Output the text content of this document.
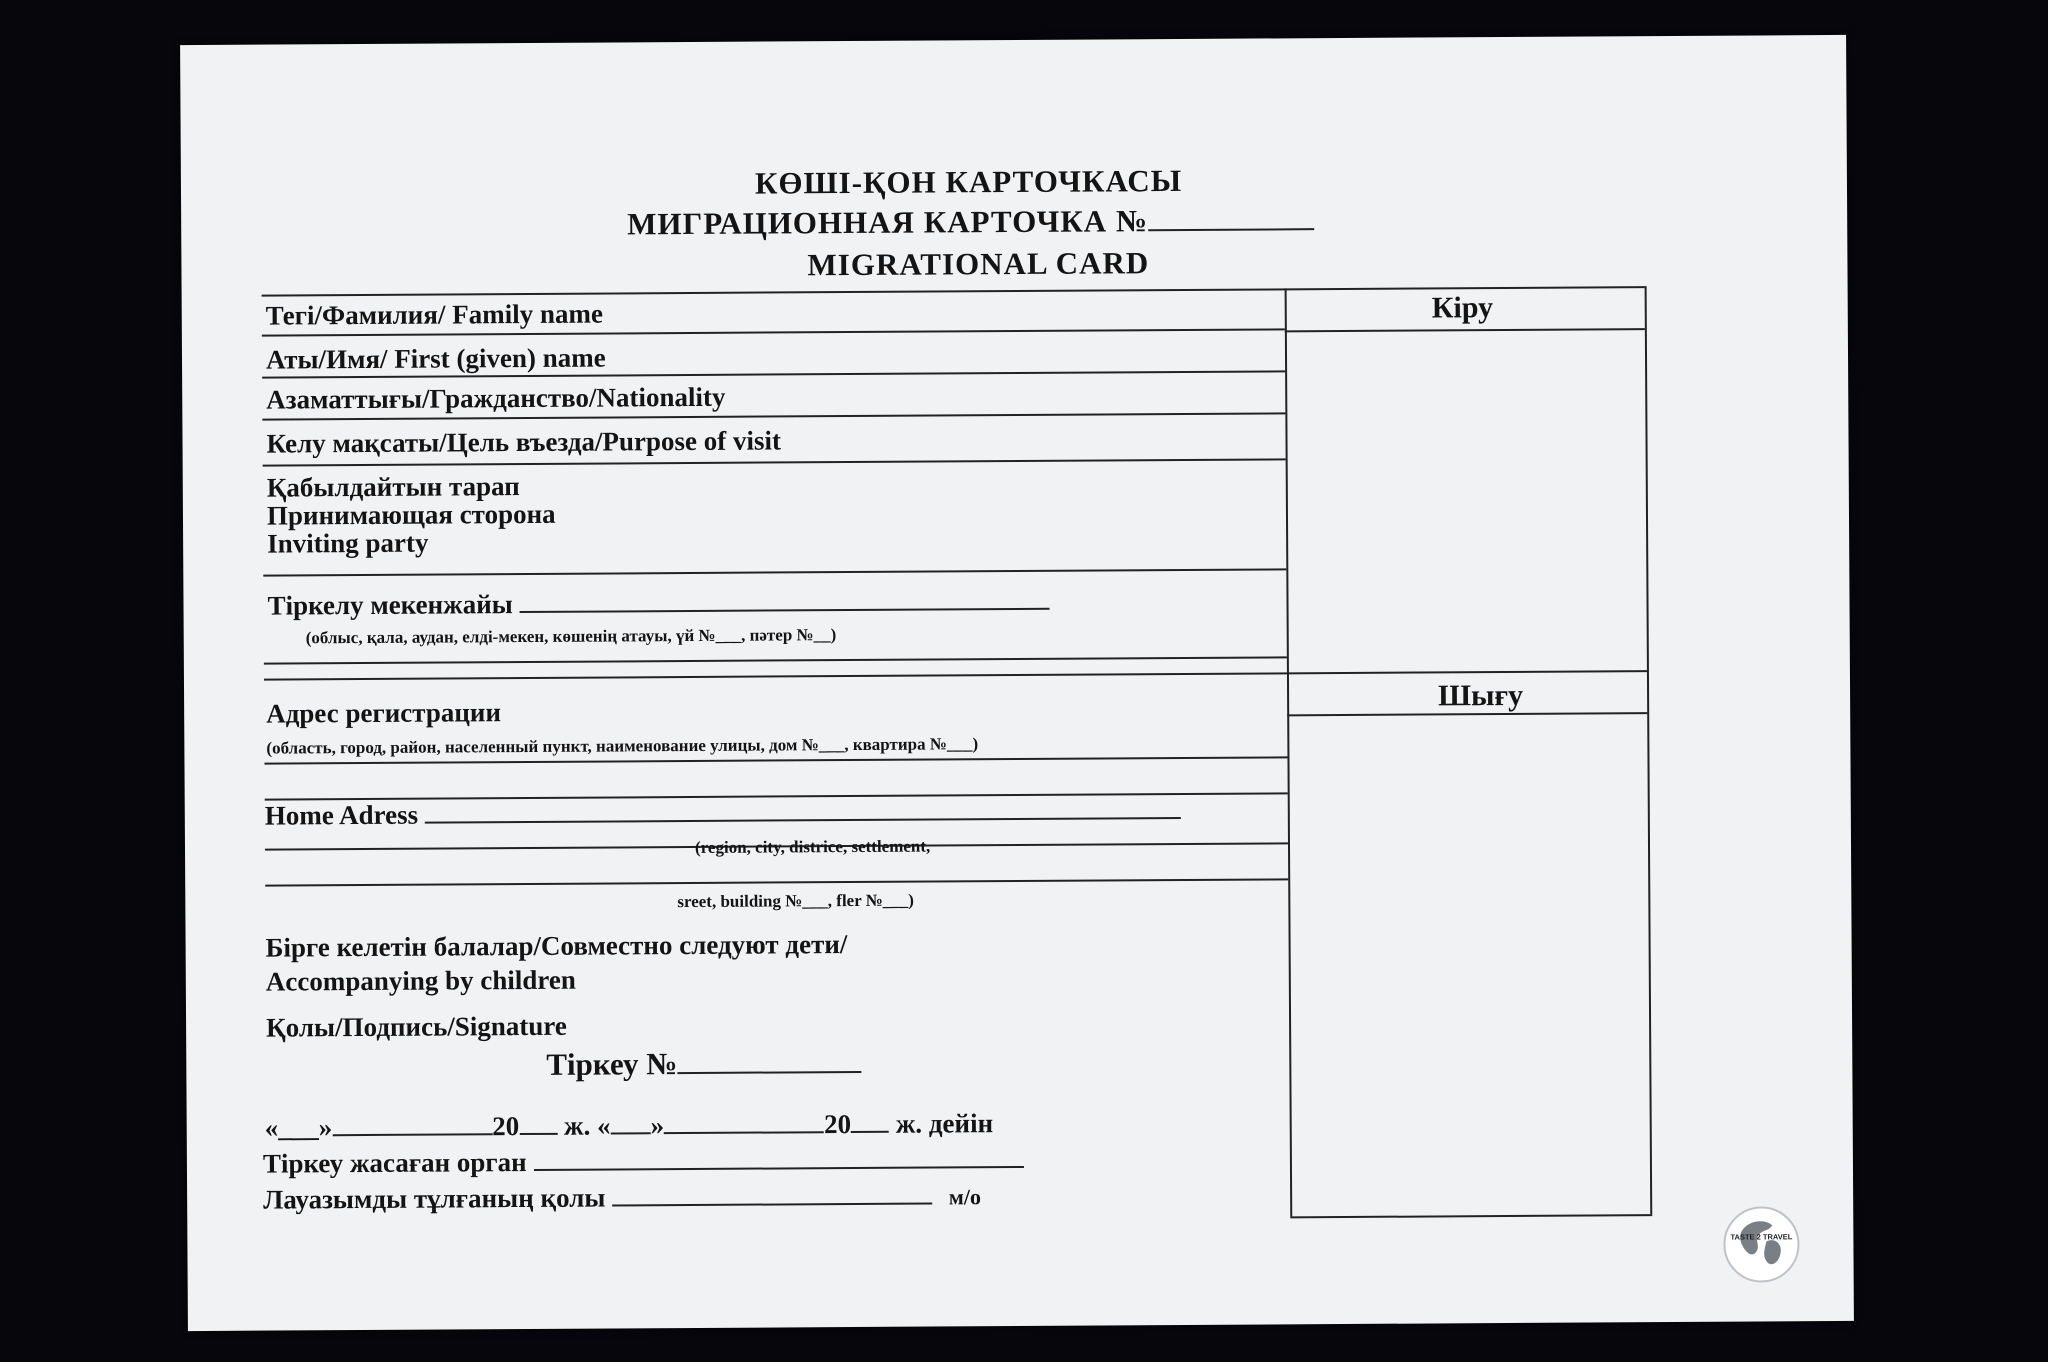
КӨШІ-ҚОН КАРТОЧКАСЫ
МИГРАЦИОННАЯ КАРТОЧКА №
MIGRATIONAL CARD
Тегі/Фамилия/ Family name
Аты/Имя/ First (given) name
Азаматтығы/Гражданство/Nationality
Келу мақсаты/Цель въезда/Purpose of visit
Қабылдайтын тарап
Принимающая сторона
Inviting party
Тіркелу мекенжайы
(облыс, қала, аудан, елді-мекен, көшенің атауы, үй №___, пәтер №__)
Адрес регистрации
(область, город, район, населенный пункт, наименование улицы, дом №___, квартира №___)
Home Adress
(region, city, districe, settlement,
sreet, building №___, fler №___)
Бірге келетін балалар/Совместно следуют дети/
Accompanying by children
Қолы/Подпись/Signature
Тіркеу №
«___»	20 ж. « »	20 ж. дейін
Тіркеу жасаған орган
Лауазымды тұлғаның қолы	м/о
Кіру
Шығу
TASTE 2 TRAVEL
